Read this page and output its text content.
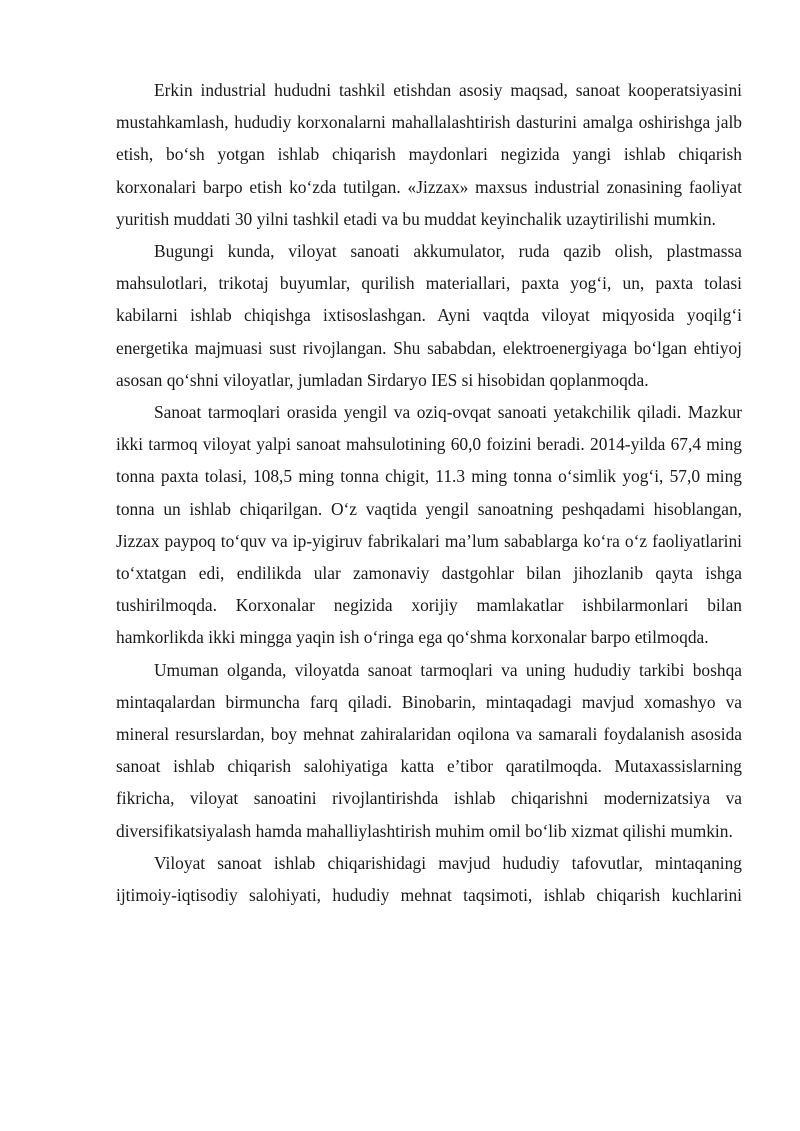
Erkin industrial hududni tashkil etishdan asosiy maqsad, sanoat kooperatsiyasini mustahkamlash, hududiy korxonalarni mahallalashtirish dasturini amalga oshirishga jalb etish, bo‘sh yotgan ishlab chiqarish maydonlari negizida yangi ishlab chiqarish korxonalari barpo etish ko‘zda tutilgan. «Jizzax» maxsus industrial zonasining faoliyat yuritish muddati 30 yilni tashkil etadi va bu muddat keyinchalik uzaytirilishi mumkin.

Bugungi kunda, viloyat sanoati akkumulator, ruda qazib olish, plastmassa mahsulotlari, trikotaj buyumlar, qurilish materiallari, paxta yog‘i, un, paxta tolasi kabilarni ishlab chiqishga ixtisoslashgan. Ayni vaqtda viloyat miqyosida yoqilg‘i energetika majmuasi sust rivojlangan. Shu sababdan, elektroenergiyaga bo‘lgan ehtiyoj asosan qo‘shni viloyatlar, jumladan Sirdaryo IES si hisobidan qoplanmoqda.

Sanoat tarmoqlari orasida yengil va oziq-ovqat sanoati yetakchilik qiladi. Mazkur ikki tarmoq viloyat yalpi sanoat mahsulotining 60,0 foizini beradi. 2014-yilda 67,4 ming tonna paxta tolasi, 108,5 ming tonna chigit, 11.3 ming tonna o‘simlik yog‘i, 57,0 ming tonna un ishlab chiqarilgan. O‘z vaqtida yengil sanoatning peshqadami hisoblangan, Jizzax paypoq to‘quv va ip-yigiruv fabrikalari ma’lum sabablarga ko‘ra o‘z faoliyatlarini to‘xtatgan edi, endilikda ular zamonaviy dastgohlar bilan jihozlanib qayta ishga tushirilmoqda. Korxonalar negizida xorijiy mamlakatlar ishbilarmonlari bilan hamkorlikda ikki mingga yaqin ish o‘ringa ega qo‘shma korxonalar barpo etilmoqda.

Umuman olganda, viloyatda sanoat tarmoqlari va uning hududiy tarkibi boshqa mintaqalardan birmuncha farq qiladi. Binobarin, mintaqadagi mavjud xomashyo va mineral resurslardan, boy mehnat zahiralaridan oqilona va samarali foydalanish asosida sanoat ishlab chiqarish salohiyatiga katta e’tibor qaratilmoqda. Mutaxassislarning fikricha, viloyat sanoatini rivojlantirishda ishlab chiqarishni modernizatsiya va diversifikatsiyalash hamda mahalliylashtirish muhim omil bo‘lib xizmat qilishi mumkin.

Viloyat sanoat ishlab chiqarishidagi mavjud hududiy tafovutlar, mintaqaning ijtimoiy-iqtisodiy salohiyati, hududiy mehnat taqsimoti, ishlab chiqarish kuchlarini
